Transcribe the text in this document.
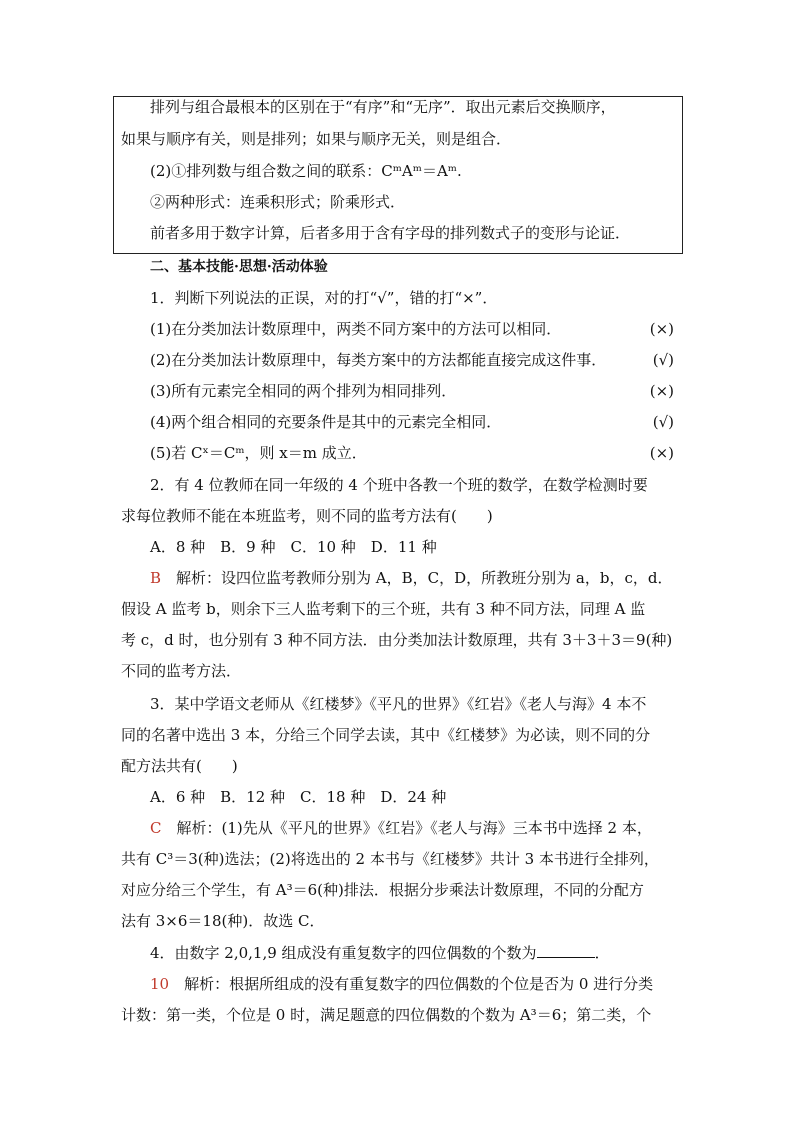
排列与组合最根本的区别在于“有序”和“无序”．取出元素后交换顺序，
如果与顺序有关，则是排列；如果与顺序无关，则是组合．
(2)①排列数与组合数之间的联系：CᵐAᵐ＝Aᵐ.
②两种形式：连乘积形式；阶乘形式．
前者多用于数字计算，后者多用于含有字母的排列数式子的变形与论证．
二、基本技能·思想·活动体验
1．判断下列说法的正误，对的打“√”，错的打“×”．
(1)在分类加法计数原理中，两类不同方案中的方法可以相同．	(×)
(2)在分类加法计数原理中，每类方案中的方法都能直接完成这件事．	(√)
(3)所有元素完全相同的两个排列为相同排列．	(×)
(4)两个组合相同的充要条件是其中的元素完全相同．	(√)
(5)若 Cˣ＝Cᵐ，则 x＝m 成立．	(×)
2．有 4 位教师在同一年级的 4 个班中各教一个班的数学，在数学检测时要
求每位教师不能在本班监考，则不同的监考方法有(　　)
A．8 种　B．9 种　C．10 种　D．11 种
B　解析：设四位监考教师分别为 A，B，C，D，所教班分别为 a，b，c，d．
假设 A 监考 b，则余下三人监考剩下的三个班，共有 3 种不同方法，同理 A 监
考 c，d 时，也分别有 3 种不同方法．由分类加法计数原理，共有 3＋3＋3＝9(种)
不同的监考方法．
3．某中学语文老师从《红楼梦》《平凡的世界》《红岩》《老人与海》4 本不
同的名著中选出 3 本，分给三个同学去读，其中《红楼梦》为必读，则不同的分
配方法共有(　　)
A．6 种　B．12 种　C．18 种　D．24 种
C　解析：(1)先从《平凡的世界》《红岩》《老人与海》三本书中选择 2 本，
共有 C³＝3(种)选法；(2)将选出的 2 本书与《红楼梦》共计 3 本书进行全排列，
对应分给三个学生，有 A³＝6(种)排法．根据分步乘法计数原理，不同的分配方
法有 3×6＝18(种)．故选 C．
4．由数字 2,0,1,9 组成没有重复数字的四位偶数的个数为	．
10　解析：根据所组成的没有重复数字的四位偶数的个位是否为 0 进行分类
计数：第一类，个位是 0 时，满足题意的四位偶数的个数为 A³＝6；第二类，个
